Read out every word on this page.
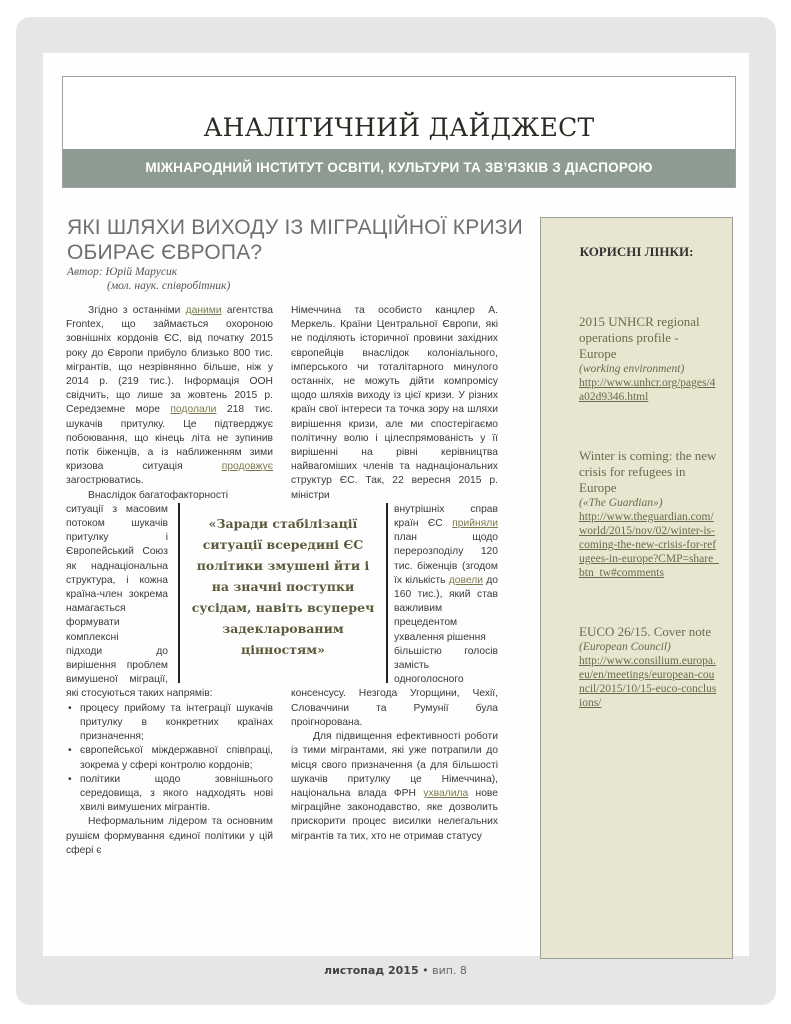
АНАЛІТИЧНИЙ ДАЙДЖЕСТ
МІЖНАРОДНИЙ ІНСТИТУТ ОСВІТИ, КУЛЬТУРИ ТА ЗВ’ЯЗКІВ З ДІАСПОРОЮ
ЯКІ ШЛЯХИ ВИХОДУ ІЗ МІГРАЦІЙНОЇ КРИЗИ ОБИРАЄ ЄВРОПА?
Автор: Юрій Марусик
(мол. наук. співробітник)

Згідно з останніми даними агентства Frontex, що займається охороною зовнішніх кордонів ЄС, від початку 2015 року до Європи прибуло близько 800 тис. мігрантів, що незрівнянно більше, ніж у 2014 р. (219 тис.). Інформація ООН свідчить, що лише за жовтень 2015 р. Середземне море подолали 218 тис. шукачів притулку. Це підтверджує побоювання, що кінець літа не зупинив потік біженців, а із наближенням зими кризова ситуація продовжує загострюватись.

Внаслідок багатофакторності

ситуації з масовим потоком шукачів притулку і Європейський Союз як наднаціональна структура, і кожна країна-член зокрема намагається формувати комплексні

підходи до вирішення проблем вимушеної міграції, які стосуються таких напрямів:

• процесу прийому та інтеграції шукачів притулку в конкретних країнах призначення;
• європейської міждержавної співпраці, зокрема у сфері контролю кордонів;
• політики щодо зовнішнього середовища, з якого надходять нові хвилі вимушених мігрантів.

Неформальним лідером та основним рушієм формування єдиної політики у цій сфері є

Німеччина та особисто канцлер А. Меркель. Країни Центральної Європи, які не поділяють історичної провини західних європейців внаслідок колоніального, імперського чи тоталітарного минулого останніх, не можуть дійти компромісу щодо шляхів виходу із цієї кризи. У різних країн свої інтереси та точка зору на шляхи вирішення кризи, але ми спостерігаємо політичну волю і цілеспрямованість у її вирішенні на рівні керівництва найвагоміших членів та наднаціональних структур ЄС. Так, 22 вересня 2015 р. міністри

внутрішніх справ країн ЄС прийняли план щодо перерозподілу 120 тис. біженців (згодом їх кількість довели до 160 тис.), який став важливим прецедентом ухвалення рішення

більшістю голосів замість одноголосного консенсусу. Незгода Угорщини, Чехії, Словаччини та Румунії була проігнорована.

Для підвищення ефективності роботи із тими мігрантами, які уже потрапили до місця свого призначення (а для більшості шукачів притулку це Німеччина), національна влада ФРН ухвалила нове міграційне законодавство, яке дозволить прискорити процес висилки нелегальних мігрантів та тих, хто не отримав статусу

«Заради стабілізації ситуації всередині ЄС політики змушені йти і на значні поступки сусідам, навіть всупереч задекларованим цінностям»
КОРИСНІ ЛІНКИ:
2015 UNHCR regional operations profile - Europe
(working environment)
http://www.unhcr.org/pages/4a02d9346.html
Winter is coming: the new crisis for refugees in Europe
(«The Guardian»)
http://www.theguardian.com/world/2015/nov/02/winter-is-coming-the-new-crisis-for-refugees-in-europe?CMP=share_btn_tw#comments
EUCO 26/15. Cover note
(European Council)
http://www.consilium.europa.eu/en/meetings/european-council/2015/10/15-euco-conclusions/
листопад 2015 • вип. 8
